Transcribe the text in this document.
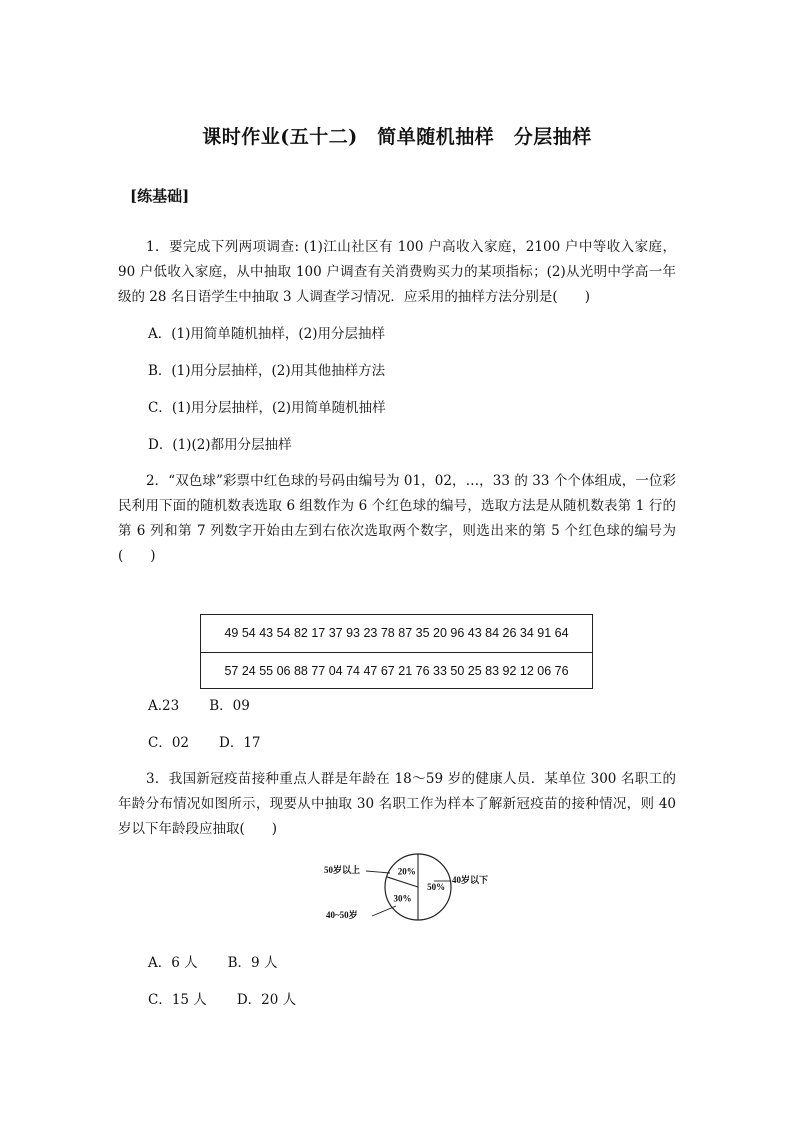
课时作业(五十二)　简单随机抽样　分层抽样
[练基础]

1．要完成下列两项调查: (1)江山社区有 100 户高收入家庭，2100 户中等收入家庭，90 户低收入家庭，从中抽取 100 户调查有关消费购买力的某项指标；(2)从光明中学高一年级的 28 名日语学生中抽取 3 人调查学习情况．应采用的抽样方法分别是(　　)

A．(1)用简单随机抽样，(2)用分层抽样
B．(1)用分层抽样，(2)用其他抽样方法
C．(1)用分层抽样，(2)用简单随机抽样
D．(1)(2)都用分层抽样

2．“双色球”彩票中红色球的号码由编号为 01，02，…，33 的 33 个个体组成，一位彩民利用下面的随机数表选取 6 组数作为 6 个红色球的编号，选取方法是从随机数表第 1 行的第 6 列和第 7 列数字开始由左到右依次选取两个数字，则选出来的第 5 个红色球的编号为(　　)

49 54 43 54 82 17 37 93 23 78 87 35 20 96 43 84 26 34 91 64
57 24 55 06 88 77 04 74 47 67 21 76 33 50 25 83 92 12 06 76
A.23 B．09
C．02 D．17

3．我国新冠疫苗接种重点人群是年龄在 18～59 岁的健康人员．某单位 300 名职工的年龄分布情况如图所示，现要从中抽取 30 名职工作为样本了解新冠疫苗的接种情况，则 40 岁以下年龄段应抽取(　　)

20%
30%
50%
50岁以上
40~50岁
40岁以下
A．6 人 B．9 人
C．15 人 D．20 人
